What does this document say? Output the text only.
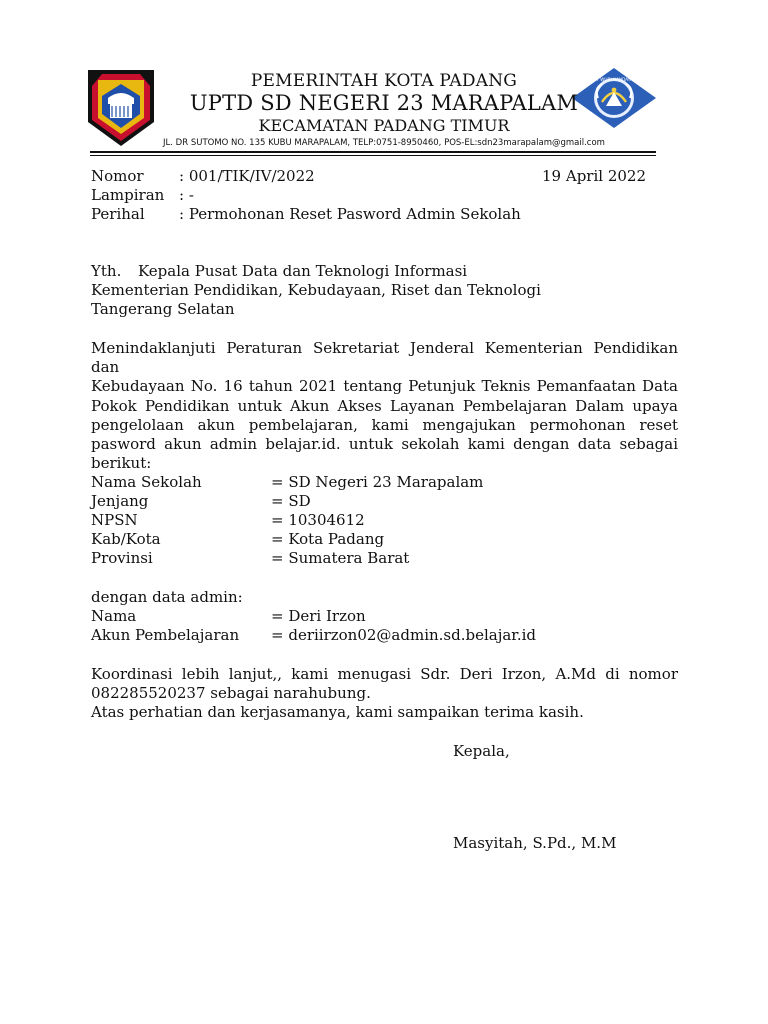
TUT WURI HANDAYANI
PEMERINTAH KOTA PADANG
UPTD SD NEGERI 23 MARAPALAM
KECAMATAN PADANG TIMUR
JL. DR SUTOMO NO. 135 KUBU MARAPALAM, TELP:0751-8950460, POS-EL:sdn23marapalam@gmail.com
Nomor : 001/TIK/IV/2022	19 April 2022
Lampiran : -
Perihal : Permohonan Reset Pasword Admin Sekolah
Yth. Kepala Pusat Data dan Teknologi Informasi
Kementerian Pendidikan, Kebudayaan, Riset dan Teknologi
Tangerang Selatan
Menindaklanjuti Peraturan Sekretariat Jenderal Kementerian Pendidikan dan
Kebudayaan No. 16 tahun 2021 tentang Petunjuk Teknis Pemanfaatan Data
Pokok Pendidikan untuk Akun Akses Layanan Pembelajaran Dalam upaya
pengelolaan akun pembelajaran, kami mengajukan permohonan reset
pasword akun admin belajar.id. untuk sekolah kami dengan data sebagai
berikut:
Nama Sekolah	= SD Negeri 23 Marapalam
Jenjang	= SD
NPSN	= 10304612
Kab/Kota	= Kota Padang
Provinsi	= Sumatera Barat
dengan data admin:
Nama	= Deri Irzon
Akun Pembelajaran = deriirzon02@admin.sd.belajar.id
Koordinasi lebih lanjut,, kami menugasi Sdr. Deri Irzon, A.Md di nomor
082285520237 sebagai narahubung.
Atas perhatian dan kerjasamanya, kami sampaikan terima kasih.
Kepala,
Masyitah, S.Pd., M.M
